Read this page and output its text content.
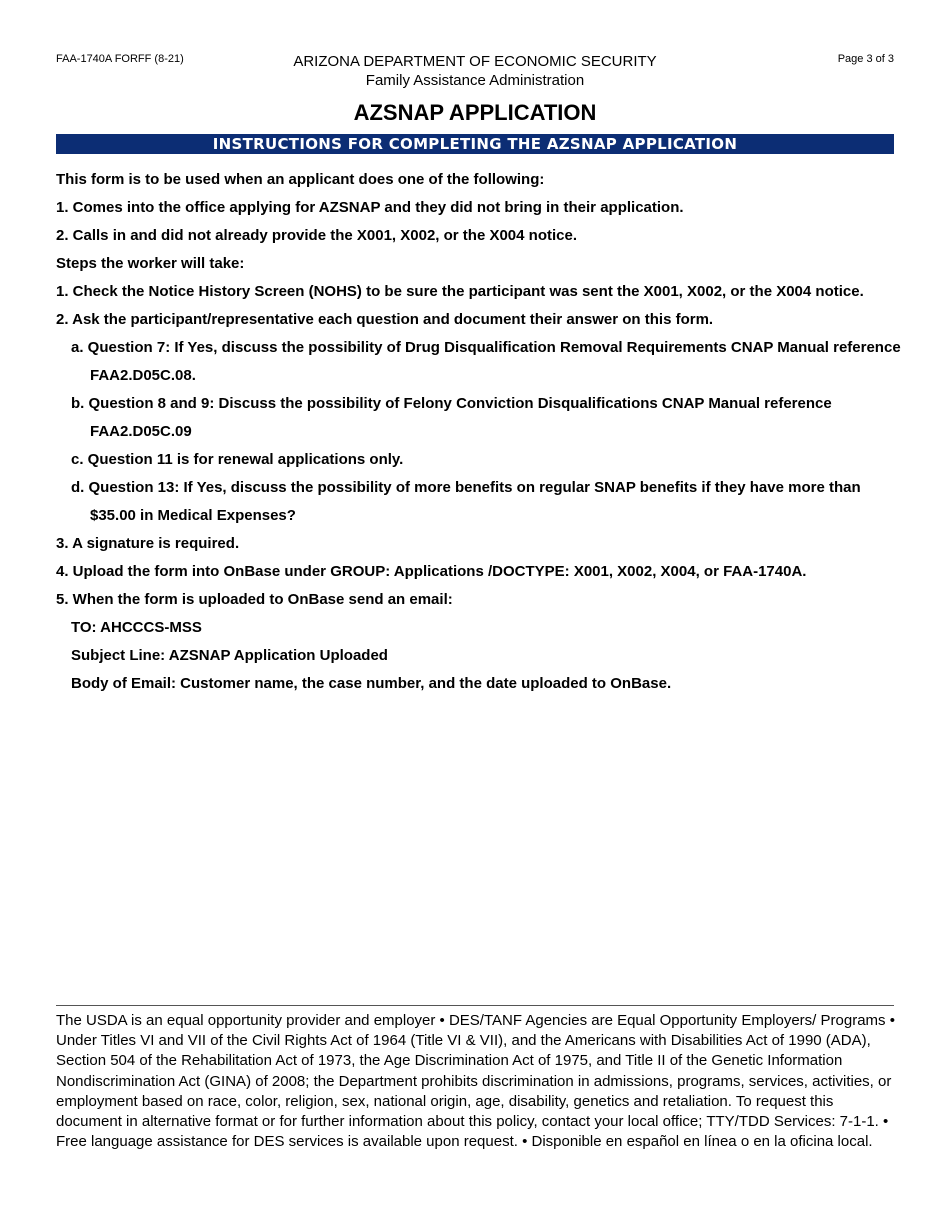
FAA-1740A FORFF (8-21)	ARIZONA DEPARTMENT OF ECONOMIC SECURITY
Family Assistance Administration
Page 3 of 3
AZSNAP APPLICATION
INSTRUCTIONS FOR COMPLETING THE AZSNAP APPLICATION

This form is to be used when an applicant does one of the following:

1. Comes into the office applying for AZSNAP and they did not bring in their application.

2. Calls in and did not already provide the X001, X002, or the X004 notice.

Steps the worker will take:

1. Check the Notice History Screen (NOHS) to be sure the participant was sent the X001, X002, or the X004 notice.

2. Ask the participant/representative each question and document their answer on this form.

a. Question 7: If Yes, discuss the possibility of Drug Disqualification Removal Requirements CNAP Manual reference FAA2.D05C.08.

b. Question 8 and 9: Discuss the possibility of Felony Conviction Disqualifications CNAP Manual reference FAA2.D05C.09

c. Question 11 is for renewal applications only.

d. Question 13: If Yes, discuss the possibility of more benefits on regular SNAP benefits if they have more than $35.00 in Medical Expenses?

3. A signature is required.

4. Upload the form into OnBase under GROUP: Applications /DOCTYPE: X001, X002, X004, or FAA-1740A.

5. When the form is uploaded to OnBase send an email:

TO: AHCCCS-MSS

Subject Line: AZSNAP Application Uploaded

Body of Email: Customer name, the case number, and the date uploaded to OnBase.

The USDA is an equal opportunity provider and employer • DES/TANF Agencies are Equal Opportunity Employers/ Programs • Under Titles VI and VII of the Civil Rights Act of 1964 (Title VI & VII), and the Americans with Disabilities Act of 1990 (ADA), Section 504 of the Rehabilitation Act of 1973, the Age Discrimination Act of 1975, and Title II of the Genetic Information Nondiscrimination Act (GINA) of 2008; the Department prohibits discrimination in admissions, programs, services, activities, or employment based on race, color, religion, sex, national origin, age, disability, genetics and retaliation. To request this document in alternative format or for further information about this policy, contact your local office; TTY/TDD Services: 7-1-1. • Free language assistance for DES services is available upon request. • Disponible en español en línea o en la oficina local.
